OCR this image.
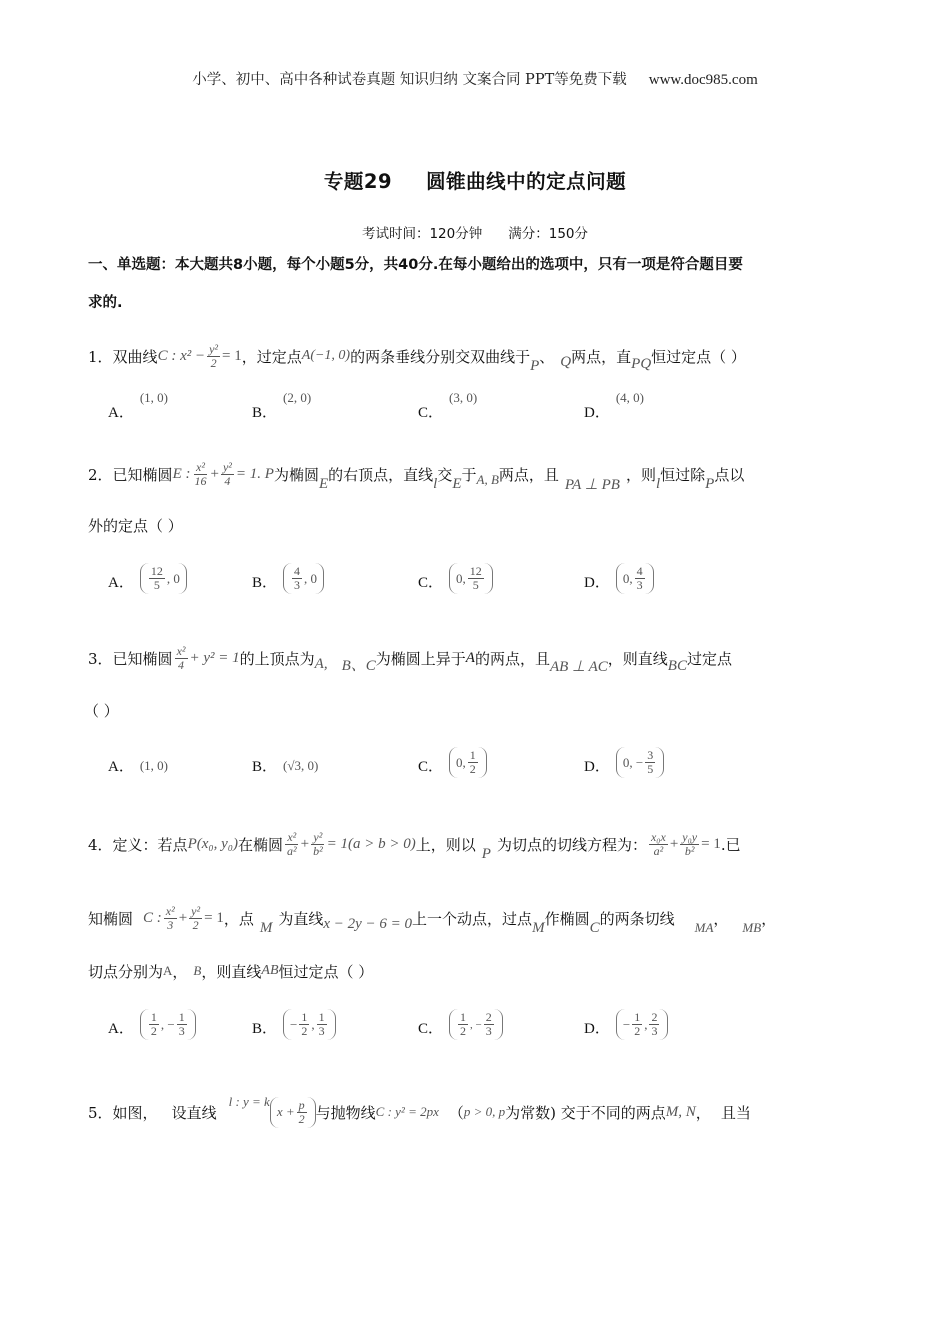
小学、初中、高中各种试卷真题 知识归纳 文案合同 PPT等免费下载 www.doc985.com
专题29 圆锥曲线中的定点问题
考试时间：120分钟 满分：150分
一、单选题：本大题共8小题，每个小题5分，共40分.在每小题给出的选项中，只有一项是符合题目要
求的.
1． 双曲线 C : $x^2 - \frac{\text{y²}}{2} = 1$ ，过定点 A(−1, 0) 的两条垂线分别交双曲线于 P 、 Q 两点，直 PQ 恒过定点（ ）
A．
(1, 0)
B．
(2, 0)
C．
(3, 0)
D．
(4, 0)
2． 已知椭圆 E : $\frac{\text{x²}}{16} + \frac{\text{y²}}{4} = 1$. P 为椭圆 E 的右顶点，直线 l 交 E 于 A, B 两点，且
PA ⊥ PB
，则 l 恒过除 P 点以
外的定点（ ）
A． $\frac{12}{5}$ , 0	B． $\frac{4}{3}$ , 0	C． 0, $\frac{12}{5}$	D． 0, $\frac{4}{3}$
3． 已知椭圆 $\frac{\text{x²}}{4} + y^2 = 1$ 的上顶点为 A, B、C 为椭圆上异于 A 的两点，且 AB ⊥ AC ，则直线 BC 过定点
（ ）
A． (1, 0)	B． (√3, 0)	C． 0, $\frac{1}{2}$	D． 0, − $\frac{3}{5}$
4． 定义：若点 P(x₀, y₀) 在椭圆 $\frac{\text{x²}}{\text{a²}} + \frac{\text{y²}}{\text{b²}} = 1(a > b > 0)$ 上，则以 P 为切点的切线方程为： $\frac{\text{x₀x}}{\text{a²}} + \frac{\text{y₀y}}{\text{b²}} = 1$ .已
知椭圆 C : $\frac{\text{x²}}{3} + \frac{\text{y²}}{2} = 1$ ，点 M 为直线 x − 2y − 6 = 0 上一个动点，过点 M 作椭圆 C 的两条切线 MA ， MB ，
切点分别为 A ， B ，则直线 AB 恒过定点（ ）
A． $\frac{1}{2}$ , − $\frac{1}{3}$	B． − $\frac{1}{2}$ , $\frac{1}{3}$	C． $\frac{1}{2}$ , − $\frac{2}{3}$	D． − $\frac{1}{2}$ , $\frac{2}{3}$
5． 如图， 设直线
l : y = k
$x + \frac{p}{2}$ 与抛物线 C : y² = 2px （ p > 0, p 为常数) 交于不同的两点 M, N ， 且当
